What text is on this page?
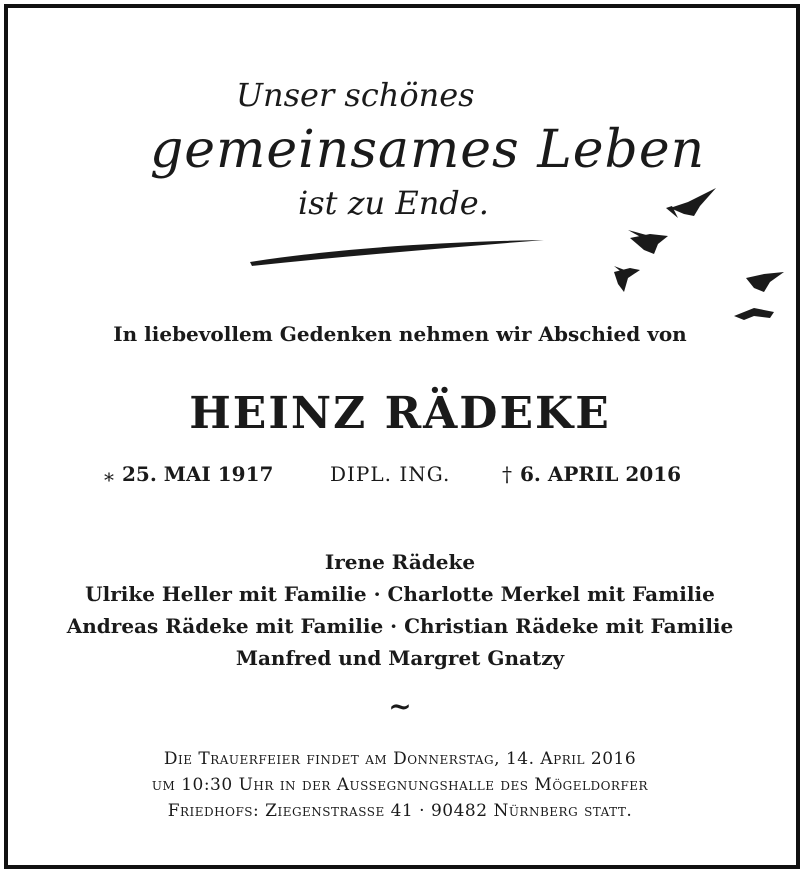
Unser schönes
gemeinsames Leben
ist zu Ende.
In liebevollem Gedenken nehmen wir Abschied von
HEINZ RÄDEKE
⁎ 25. MAI 1917	DIPL. ING.	† 6. APRIL 2016
Irene Rädeke
Ulrike Heller mit Familie · Charlotte Merkel mit Familie
Andreas Rädeke mit Familie · Christian Rädeke mit Familie
Manfred und Margret Gnatzy
~
Die Trauerfeier findet am Donnerstag, 14. April 2016
um 10:30 Uhr in der Aussegnungshalle des Mögeldorfer
Friedhofs: Ziegenstrasse 41 · 90482 Nürnberg statt.
